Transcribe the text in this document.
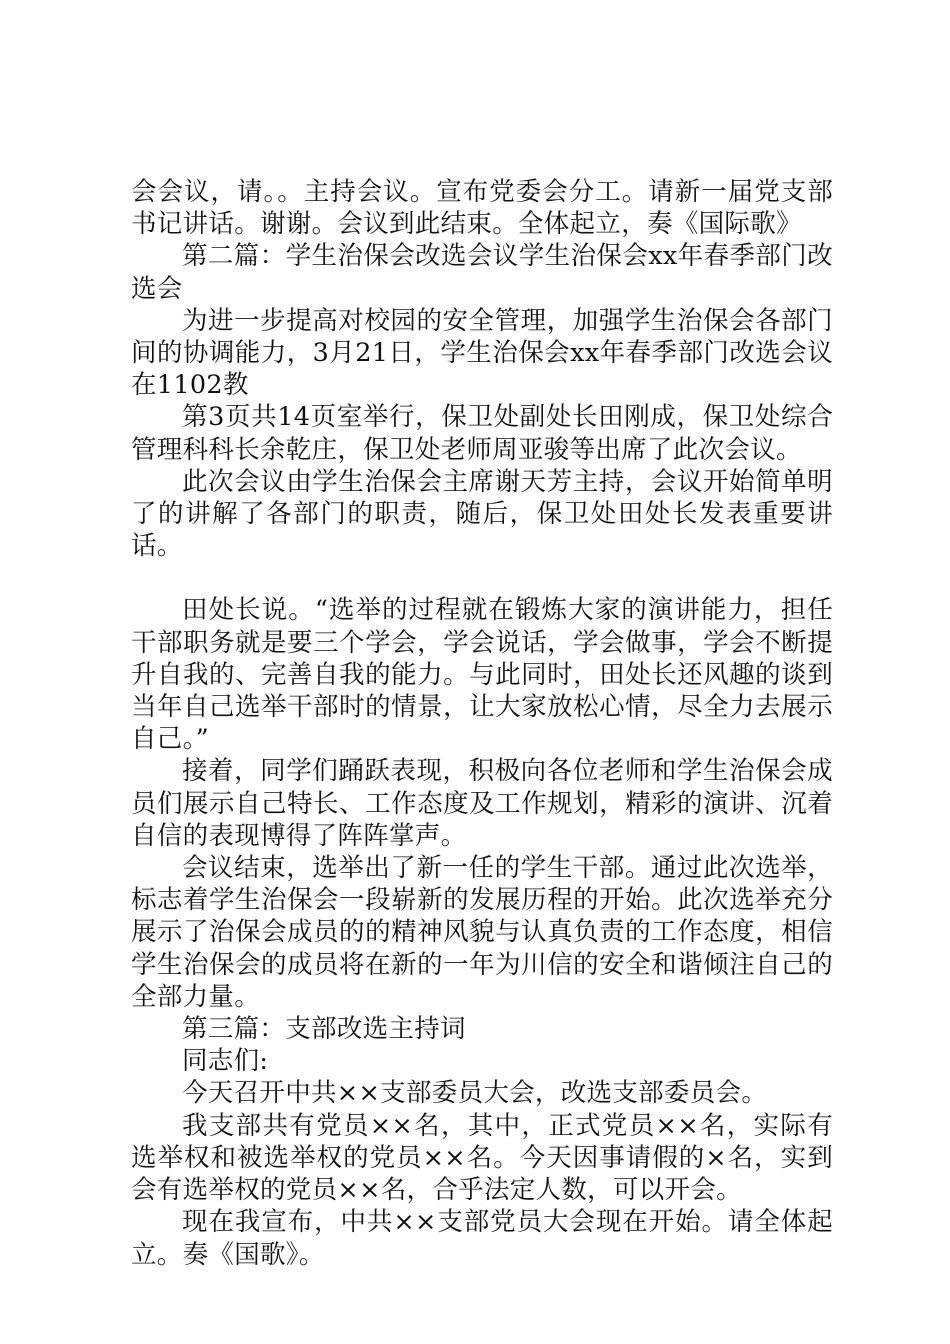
会会议，请。。主持会议。宣布党委会分工。请新一届党支部书记讲话。谢谢。会议到此结束。全体起立，奏《国际歌》

第二篇：学生治保会改选会议学生治保会xx年春季部门改选会

为进一步提高对校园的安全管理，加强学生治保会各部门间的协调能力，3月21日，学生治保会xx年春季部门改选会议在1102教

第3页共14页室举行，保卫处副处长田刚成，保卫处综合管理科科长余乾庄，保卫处老师周亚骏等出席了此次会议。

此次会议由学生治保会主席谢天芳主持，会议开始简单明了的讲解了各部门的职责，随后，保卫处田处长发表重要讲话。

田处长说。“选举的过程就在锻炼大家的演讲能力，担任干部职务就是要三个学会，学会说话，学会做事，学会不断提升自我的、完善自我的能力。与此同时，田处长还风趣的谈到当年自己选举干部时的情景，让大家放松心情，尽全力去展示自己。”

接着，同学们踊跃表现，积极向各位老师和学生治保会成员们展示自己特长、工作态度及工作规划，精彩的演讲、沉着自信的表现博得了阵阵掌声。

会议结束，选举出了新一任的学生干部。通过此次选举，标志着学生治保会一段崭新的发展历程的开始。此次选举充分展示了治保会成员的的精神风貌与认真负责的工作态度，相信学生治保会的成员将在新的一年为川信的安全和谐倾注自己的全部力量。

第三篇：支部改选主持词

同志们:

今天召开中共××支部委员大会，改选支部委员会。

我支部共有党员××名，其中，正式党员××名，实际有选举权和被选举权的党员××名。今天因事请假的×名，实到会有选举权的党员××名，合乎法定人数，可以开会。

现在我宣布，中共××支部党员大会现在开始。请全体起立。奏《国歌》。
